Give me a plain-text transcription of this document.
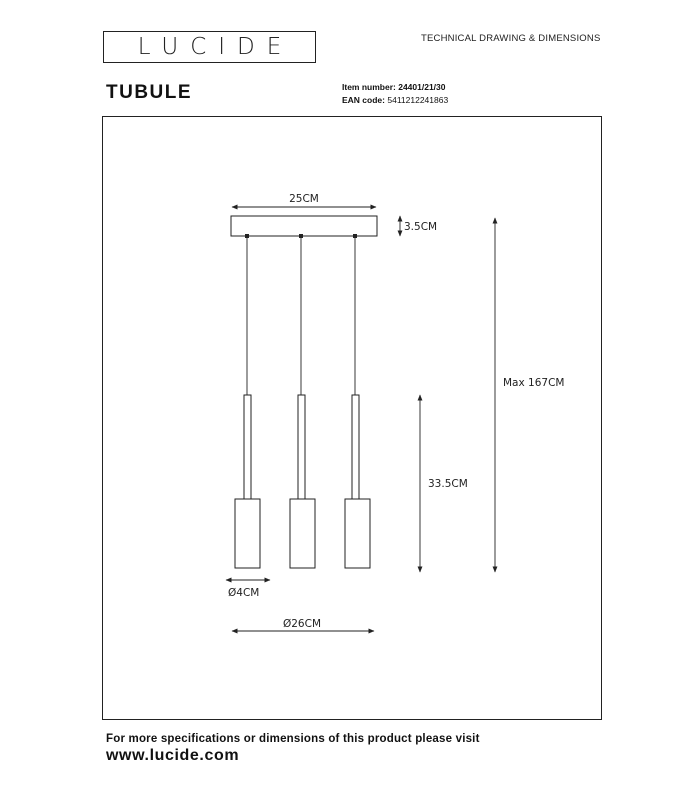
LUCIDE	TECHNICAL DRAWING & DIMENSIONS
TUBULE	Item number: 24401/21/30
EAN code: 5411212241863
25CM
3.5CM
Max 167CM
33.5CM
Ø4CM
Ø26CM
For more specifications or dimensions of this product please visit
www.lucide.com
